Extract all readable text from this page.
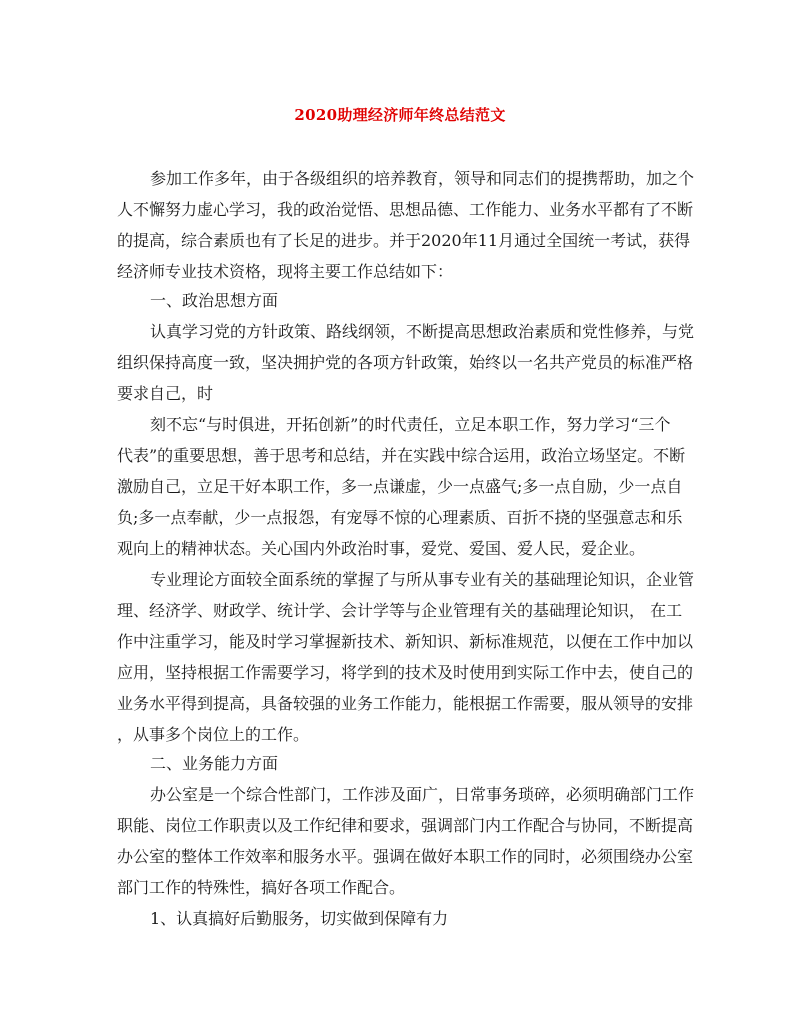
2020助理经济师年终总结范文
参加工作多年，由于各级组织的培养教育，领导和同志们的提携帮助，加之个
人不懈努力虚心学习，我的政治觉悟、思想品德、工作能力、业务水平都有了不断
的提高，综合素质也有了长足的进步。并于2020年11月通过全国统一考试，获得
经济师专业技术资格，现将主要工作总结如下：
一、政治思想方面
认真学习党的方针政策、路线纲领，不断提高思想政治素质和党性修养，与党
组织保持高度一致，坚决拥护党的各项方针政策，始终以一名共产党员的标准严格
要求自己，时
刻不忘“与时俱进，开拓创新”的时代责任，立足本职工作，努力学习“三个
代表”的重要思想，善于思考和总结，并在实践中综合运用，政治立场坚定。不断
激励自己，立足干好本职工作，多一点谦虚，少一点盛气;多一点自励，少一点自
负;多一点奉献，少一点报怨，有宠辱不惊的心理素质、百折不挠的坚强意志和乐
观向上的精神状态。关心国内外政治时事，爱党、爱国、爱人民，爱企业。
专业理论方面较全面系统的掌握了与所从事专业有关的基础理论知识，企业管
理、经济学、财政学、统计学、会计学等与企业管理有关的基础理论知识， 在工
作中注重学习，能及时学习掌握新技术、新知识、新标准规范，以便在工作中加以
应用，坚持根据工作需要学习，将学到的技术及时使用到实际工作中去，使自己的
业务水平得到提高，具备较强的业务工作能力，能根据工作需要，服从领导的安排
，从事多个岗位上的工作。
二、业务能力方面
办公室是一个综合性部门，工作涉及面广，日常事务琐碎，必须明确部门工作
职能、岗位工作职责以及工作纪律和要求，强调部门内工作配合与协同，不断提高
办公室的整体工作效率和服务水平。强调在做好本职工作的同时，必须围绕办公室
部门工作的特殊性，搞好各项工作配合。
1、认真搞好后勤服务，切实做到保障有力
